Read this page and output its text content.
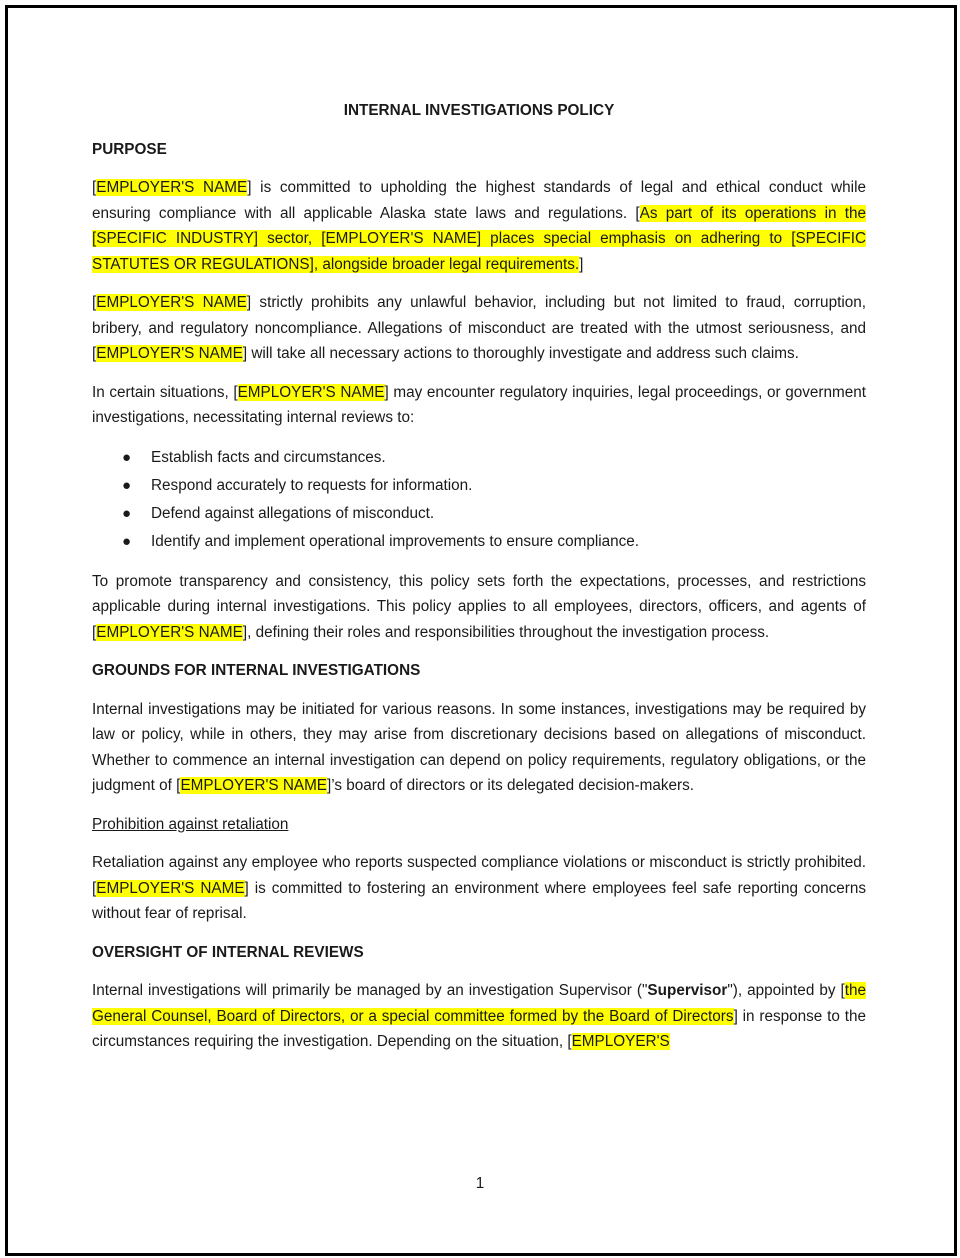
INTERNAL INVESTIGATIONS POLICY
PURPOSE

[EMPLOYER'S NAME] is committed to upholding the highest standards of legal and ethical conduct while ensuring compliance with all applicable Alaska state laws and regulations. [As part of its operations in the [SPECIFIC INDUSTRY] sector, [EMPLOYER'S NAME] places special emphasis on adhering to [SPECIFIC STATUTES OR REGULATIONS], alongside broader legal requirements.]

[EMPLOYER'S NAME] strictly prohibits any unlawful behavior, including but not limited to fraud, corruption, bribery, and regulatory noncompliance. Allegations of misconduct are treated with the utmost seriousness, and [EMPLOYER'S NAME] will take all necessary actions to thoroughly investigate and address such claims.

In certain situations, [EMPLOYER'S NAME] may encounter regulatory inquiries, legal proceedings, or government investigations, necessitating internal reviews to:

● Establish facts and circumstances.
● Respond accurately to requests for information.
● Defend against allegations of misconduct.
● Identify and implement operational improvements to ensure compliance.

To promote transparency and consistency, this policy sets forth the expectations, processes, and restrictions applicable during internal investigations. This policy applies to all employees, directors, officers, and agents of [EMPLOYER'S NAME], defining their roles and responsibilities throughout the investigation process.

GROUNDS FOR INTERNAL INVESTIGATIONS

Internal investigations may be initiated for various reasons. In some instances, investigations may be required by law or policy, while in others, they may arise from discretionary decisions based on allegations of misconduct. Whether to commence an internal investigation can depend on policy requirements, regulatory obligations, or the judgment of [EMPLOYER'S NAME]’s board of directors or its delegated decision-makers.

Prohibition against retaliation

Retaliation against any employee who reports suspected compliance violations or misconduct is strictly prohibited. [EMPLOYER'S NAME] is committed to fostering an environment where employees feel safe reporting concerns without fear of reprisal.

OVERSIGHT OF INTERNAL REVIEWS

Internal investigations will primarily be managed by an investigation Supervisor ("Supervisor"), appointed by [the General Counsel, Board of Directors, or a special committee formed by the Board of Directors] in response to the circumstances requiring the investigation. Depending on the situation, [EMPLOYER'S

1
